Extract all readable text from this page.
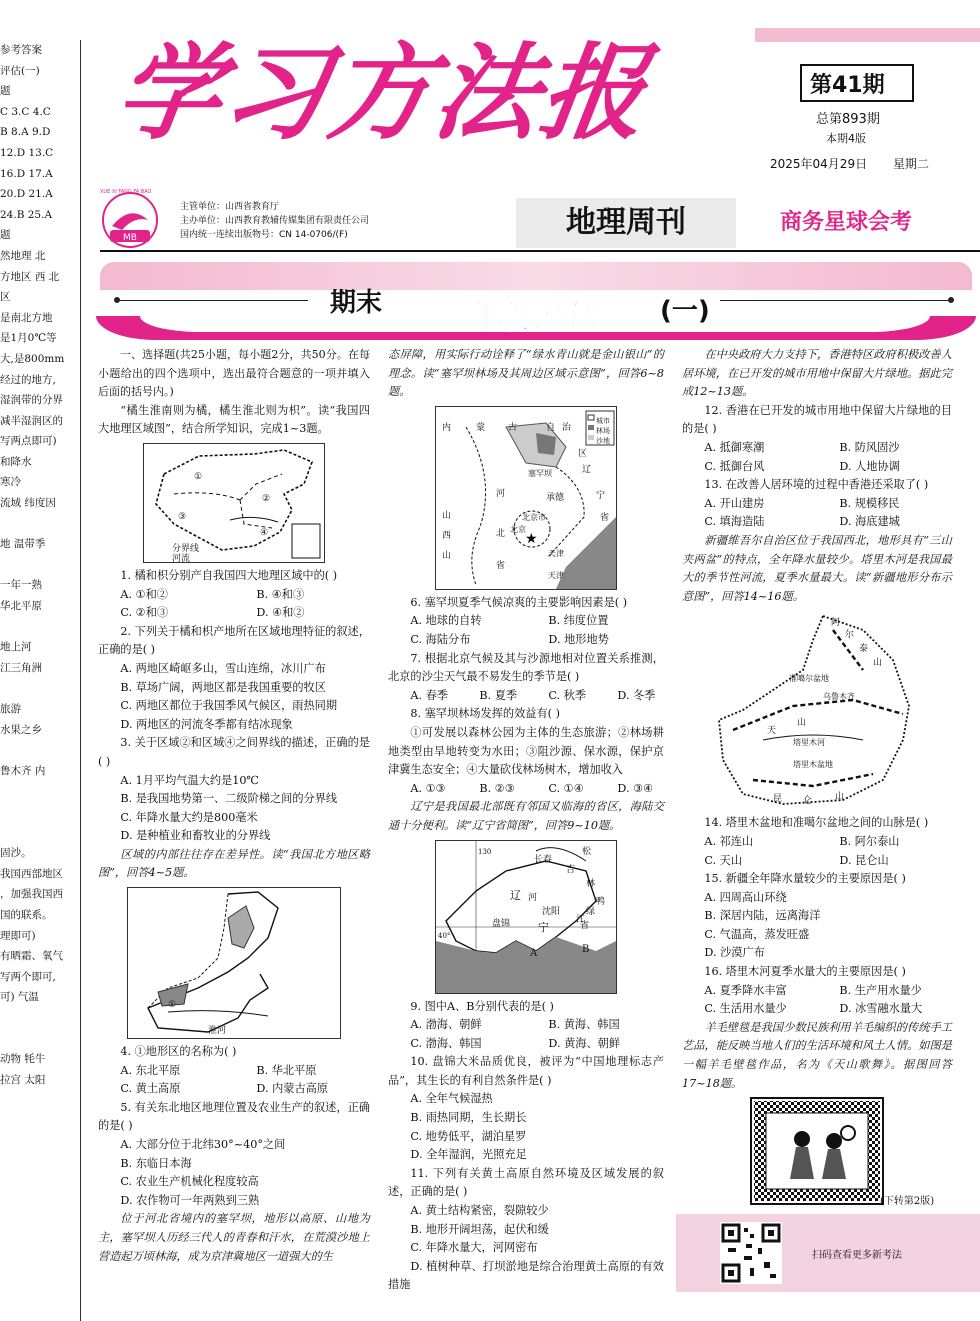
参考答案
评估(一)
题
C 3.C 4.C
B 8.A 9.D
12.D 13.C
16.D 17.A
20.D 21.A
24.B 25.A
题
然地理 北
方地区 西 北
区
是南北方地
是1月0℃等
大,是800mm
经过的地方,
湿润带的分界
减半湿润区的
写两点即可)
和降水
寒冷
流域 纬度因

地 温带季

一年一熟
华北平原

地上河
江三角洲

旅游
水果之乡

鲁木齐 内

固沙。
我国西部地区
，加强我国西
国的联系。
理即可)
有晒霜、氧气
写两个即可,
可) 气温

动物 牦牛
拉宫 太阳
学习方法报	第41期
总第893期
本期4版
2025年04月29日 星期二
MB
XUE XI FANG FA BAO
主管单位：山西省教育厅
主办单位：山西教育教辅传媒集团有限责任公司
国内统一连续出版物号：CN 14-0706/(F)	地理周刊	商务星球会考
期末 自我评估 (一)

一、选择题(共25小题，每小题2分，共50分。在每小题给出的四个选项中，选出最符合题意的一项并填入后面的括号内。)

“橘生淮南则为橘，橘生淮北则为枳”。读“我国四大地理区域图”，结合所学知识，完成1~3题。

①
②
③
④
分界线
河流

1. 橘和枳分别产自我国四大地理区域中的( )

A. ①和②	B. ④和③
C. ②和③	D. ④和②

2. 下列关于橘和枳产地所在区域地理特征的叙述，正确的是( )

A. 两地区崎岖多山，雪山连绵，冰川广布

B. 草场广阔，两地区都是我国重要的牧区

C. 两地区都位于我国季风气候区，雨热同期

D. 两地区的河流冬季都有结冰现象

3. 关于区域②和区域④之间界线的描述，正确的是( )

A. 1月平均气温大约是10℃

B. 是我国地势第一、二级阶梯之间的分界线

C. 年降水量大约是800毫米

D. 是种植业和畜牧业的分界线

区域的内部往往存在差异性。读“我国北方地区略图”，回答4~5题。

①
淮河

4. ①地形区的名称为( )

A. 东北平原	B. 华北平原
C. 黄土高原	D. 内蒙古高原

5. 有关东北地区地理位置及农业生产的叙述，正确的是( )

A. 大部分位于北纬30°~40°之间

B. 东临日本海

C. 农业生产机械化程度较高

D. 农作物可一年两熟到三熟

位于河北省境内的塞罕坝，地形以高原、山地为主，塞罕坝人历经三代人的青春和汗水，在荒漠沙地上营造起万顷林海，成为京津冀地区一道强大的生

态屏障，用实际行动诠释了“绿水青山就是金山银山”的理念。读“塞罕坝林场及其周边区域示意图”，回答6~8题。

★
城市
林场
沙地
内	蒙	古	自 治
区
塞罕坝
河
北
承德
辽
宁
省
山
西
省
北京市
北京
天津
天津
山

6. 塞罕坝夏季气候凉爽的主要影响因素是( )

A. 地球的自转	B. 纬度位置
C. 海陆分布	D. 地形地势

7. 根据北京气候及其与沙源地相对位置关系推测，北京的沙尘天气最不易发生的季节是( )

A. 春季	B. 夏季	C. 秋季	D. 冬季

8. 塞罕坝林场发挥的效益有( )

①可发展以森林公园为主体的生态旅游；②林场耕地类型由旱地转变为水田；③阻沙源、保水源，保护京津冀生态安全；④大量砍伐林场树木，增加收入

A. ①③	B. ②③	C. ①④	D. ③④

辽宁是我国最北部既有邻国又临海的省区，海陆交通十分便利。读“辽宁省简图”，回答9~10题。

130
长春
松
辽
吉
林
河
沈阳
宁	省
盘锦
A	B
40°
鸭
绿
江

9. 图中A、B分别代表的是( )

A. 渤海、朝鲜	B. 黄海、韩国
C. 渤海、韩国	D. 黄海、朝鲜

10. 盘锦大米品质优良，被评为“中国地理标志产品”，其生长的有利自然条件是( )

A. 全年气候湿热

B. 雨热同期，生长期长

C. 地势低平，湖泊星罗

D. 全年湿润，光照充足

11. 下列有关黄土高原自然环境及区域发展的叙述，正确的是( )

A. 黄土结构紧密，裂隙较少

B. 地形开阔坦荡，起伏和缓

C. 年降水量大，河网密布

D. 植树种草、打坝淤地是综合治理黄土高原的有效措施

在中央政府大力支持下，香港特区政府积极改善人居环境，在已开发的城市用地中保留大片绿地。据此完成12~13题。

12. 香港在已开发的城市用地中保留大片绿地的目的是( )

A. 抵御寒潮	B. 防风固沙
C. 抵御台风	D. 人地协调

13. 在改善人居环境的过程中香港还采取了( )

A. 开山建房	B. 规模移民
C. 填海造陆	D. 海底建城

新疆维吾尔自治区位于我国西北，地形具有“三山夹两盆”的特点，全年降水量较少。塔里木河是我国最大的季节性河流，夏季水量最大。读“新疆地形分布示意图”，回答14~16题。

阿
尔
泰
山
准噶尔盆地
乌鲁木齐
天
山
塔里木河
塔里木盆地
昆 仑	山

14. 塔里木盆地和准噶尔盆地之间的山脉是( )

A. 祁连山	B. 阿尔泰山
C. 天山	D. 昆仑山

15. 新疆全年降水量较少的主要原因是( )

A. 四周高山环绕

B. 深居内陆，远离海洋

C. 气温高，蒸发旺盛

D. 沙漠广布

16. 塔里木河夏季水量大的主要原因是( )

A. 夏季降水丰富	B. 生产用水量少
C. 生活用水量少	D. 冰雪融水量大

羊毛壁毯是我国少数民族利用羊毛编织的传统手工艺品，能反映当地人们的生活环境和风土人情。如图是一幅羊毛壁毯作品，名为《天山歌舞》。据图回答17~18题。

(下转第2版)
扫码查看更多新考法
